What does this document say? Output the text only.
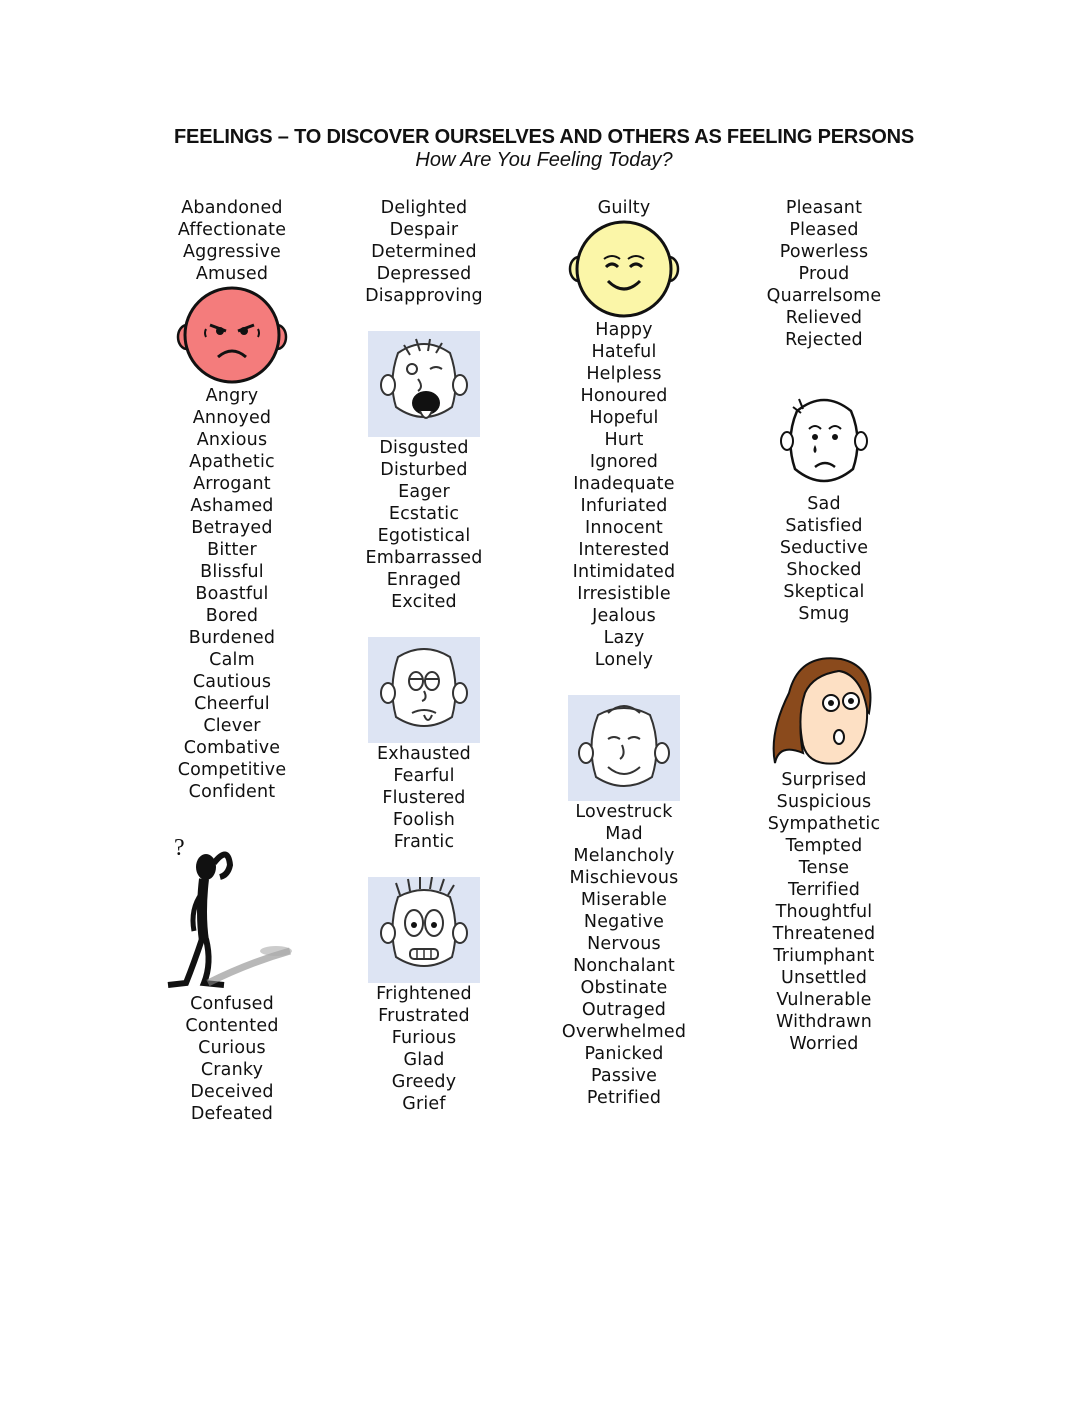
FEELINGS – TO DISCOVER OURSELVES AND OTHERS AS FEELING PERSONS
How Are You Feeling Today?
Abandoned
Affectionate
Aggressive
Amused
Angry
Annoyed
Anxious
Apathetic
Arrogant
Ashamed
Betrayed
Bitter
Blissful
Boastful
Bored
Burdened
Calm
Cautious
Cheerful
Clever
Combative
Competitive
Confident
?
Confused
Contented
Curious
Cranky
Deceived
Defeated
Delighted
Despair
Determined
Depressed
Disapproving
Disgusted
Disturbed
Eager
Ecstatic
Egotistical
Embarrassed
Enraged
Excited
Exhausted
Fearful
Flustered
Foolish
Frantic
Frightened
Frustrated
Furious
Glad
Greedy
Grief
Guilty
Happy
Hateful
Helpless
Honoured
Hopeful
Hurt
Ignored
Inadequate
Infuriated
Innocent
Interested
Intimidated
Irresistible
Jealous
Lazy
Lonely
Lovestruck
Mad
Melancholy
Mischievous
Miserable
Negative
Nervous
Nonchalant
Obstinate
Outraged
Overwhelmed
Panicked
Passive
Petrified
Pleasant
Pleased
Powerless
Proud
Quarrelsome
Relieved
Rejected
Sad
Satisfied
Seductive
Shocked
Skeptical
Smug
Surprised
Suspicious
Sympathetic
Tempted
Tense
Terrified
Thoughtful
Threatened
Triumphant
Unsettled
Vulnerable
Withdrawn
Worried
